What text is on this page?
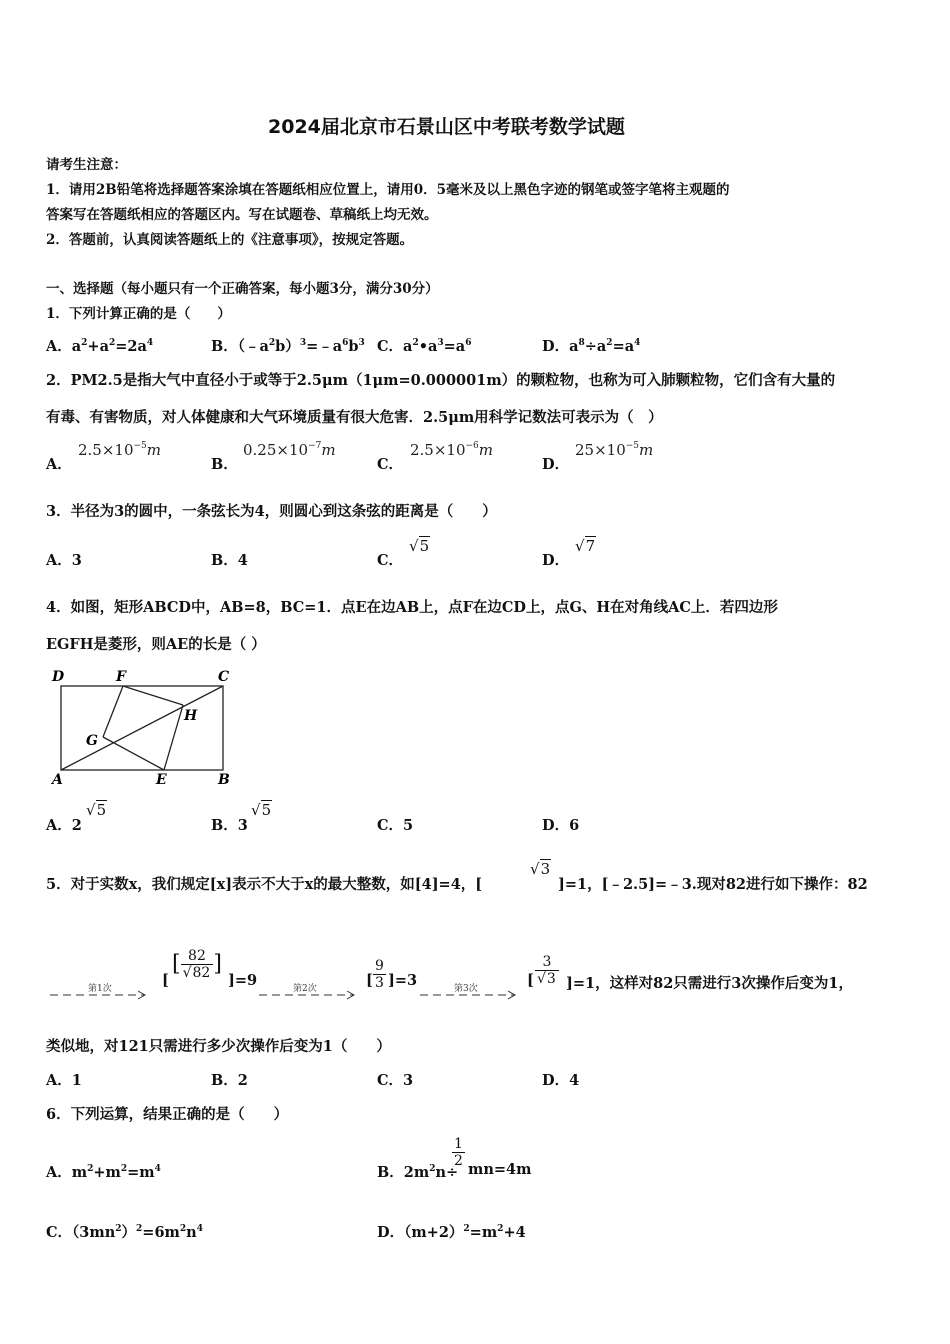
2024届北京市石景山区中考联考数学试题
请考生注意：
1．请用2B铅笔将选择题答案涂填在答题纸相应位置上，请用0．5毫米及以上黑色字迹的钢笔或签字笔将主观题的
答案写在答题纸相应的答题区内。写在试题卷、草稿纸上均无效。
2．答题前，认真阅读答题纸上的《注意事项》，按规定答题。
一、选择题（每小题只有一个正确答案，每小题3分，满分30分）
1．下列计算正确的是（　　）
A．$a^2+a^2=2a^4$	B．$(﹣a^2b)^3=﹣a^6b^3$ C．$a^2•a^3=a^6$	D．$a^8\div a^2=a^4$
2．PM2.5是指大气中直径小于或等于2.5μm（1μm=0.000001m）的颗粒物，也称为可入肺颗粒物，它们含有大量的
有毒、有害物质，对人体健康和大气环境质量有很大危害．2.5μm用科学记数法可表示为（　）
A．
$2.5\times 10^{-5}m$
B．
$0.25\times 10^{-7}m$
C．
$2.5\times 10^{-6}m$
D．
$25\times 10^{-5}m$
3．半径为3的圆中，一条弦长为4，则圆心到这条弦的距离是（　　）
A．3	B．4	C．
√5
D．
√7
4．如图，矩形ABCD中，AB=8，BC=1．点E在边AB上，点F在边CD上，点G、H在对角线AC上．若四边形
EGFH是菱形，则AE的长是（ ）
D	F	C
H
G
A	E	B
A．2
√5
B．3
√5
C．5	D．6
5．对于实数x，我们规定[x]表示不大于x的最大整数，如[4]=4，[
√3
]=1，[﹣2.5]=﹣3.现对82进行如下操作：82
第1次	[
[ $\frac{82}{√82}$ ]
]=9	第2次	[ $\frac{9}{3} ]=3$	第3次	[ $\frac{3}{√3} ]=1$，这样对82只需进行3次操作后变为1，
类似地，对121只需进行多少次操作后变为1（　　）
A．1	B．2	C．3	D．4
6．下列运算，结果正确的是（　　）
A．$m^2+m^2=m^4$	B．$2m^2n\div$
$\frac{1}{2}$
mn=4m
C．$(3mn^2)^2=6m^2n^4$	D．$(m+2)^2=m^2+4$
